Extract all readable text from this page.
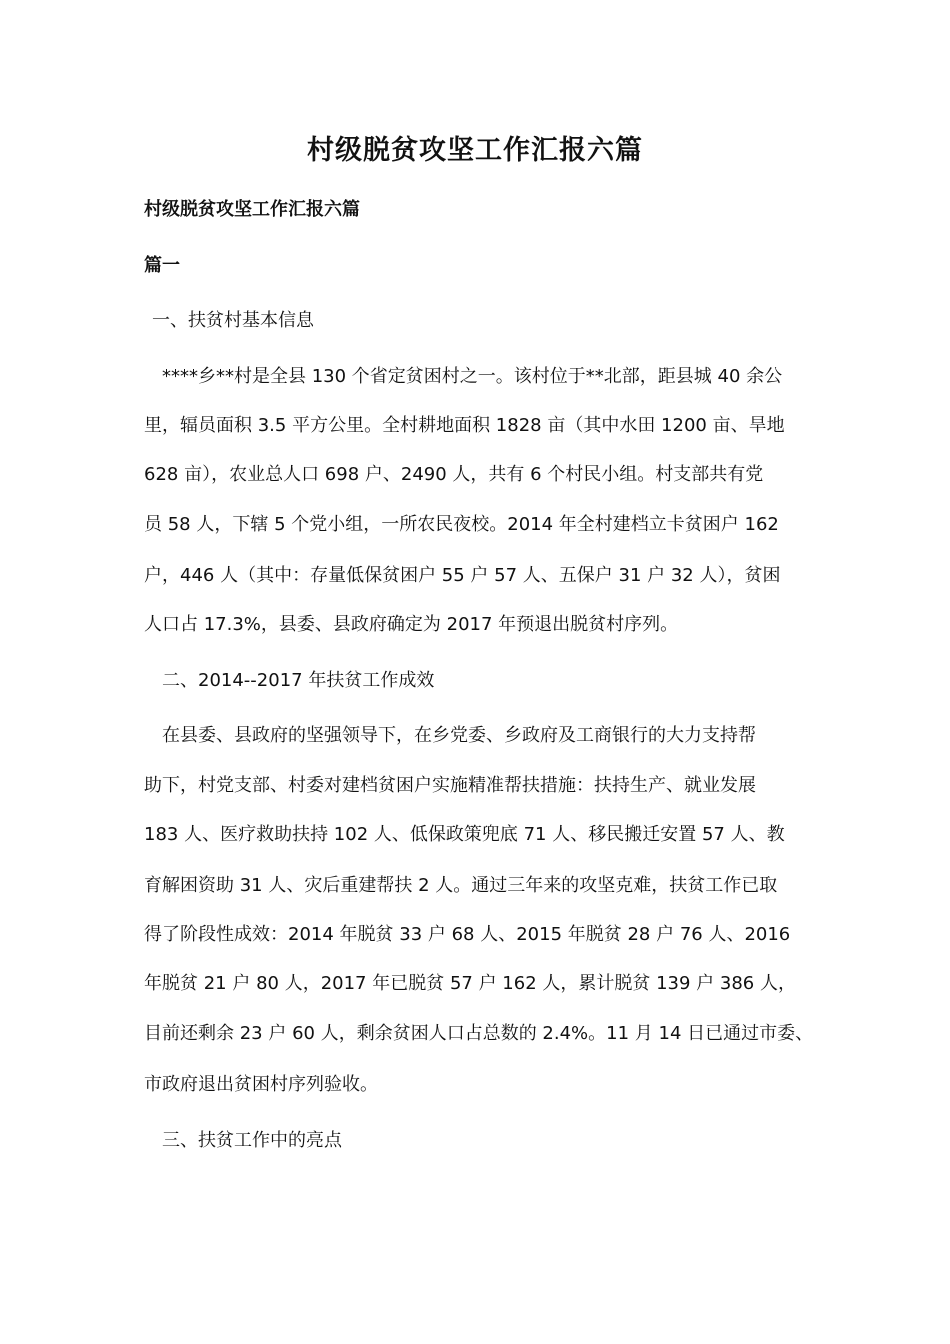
村级脱贫攻坚工作汇报六篇
村级脱贫攻坚工作汇报六篇
篇一
一、扶贫村基本信息
****乡**村是全县 130 个省定贫困村之一。该村位于**北部，距县城 40 余公
里，辐员面积 3.5 平方公里。全村耕地面积 1828 亩（其中水田 1200 亩、旱地
628 亩），农业总人口 698 户、2490 人，共有 6 个村民小组。村支部共有党
员 58 人，下辖 5 个党小组，一所农民夜校。2014 年全村建档立卡贫困户 162
户，446 人（其中：存量低保贫困户 55 户 57 人、五保户 31 户 32 人），贫困
人口占 17.3%，县委、县政府确定为 2017 年预退出脱贫村序列。
二、2014--2017 年扶贫工作成效
在县委、县政府的坚强领导下，在乡党委、乡政府及工商银行的大力支持帮
助下，村党支部、村委对建档贫困户实施精准帮扶措施：扶持生产、就业发展
183 人、医疗救助扶持 102 人、低保政策兜底 71 人、移民搬迁安置 57 人、教
育解困资助 31 人、灾后重建帮扶 2 人。通过三年来的攻坚克难，扶贫工作已取
得了阶段性成效：2014 年脱贫 33 户 68 人、2015 年脱贫 28 户 76 人、2016
年脱贫 21 户 80 人，2017 年已脱贫 57 户 162 人，累计脱贫 139 户 386 人，
目前还剩余 23 户 60 人，剩余贫困人口占总数的 2.4%。11 月 14 日已通过市委、
市政府退出贫困村序列验收。
三、扶贫工作中的亮点
